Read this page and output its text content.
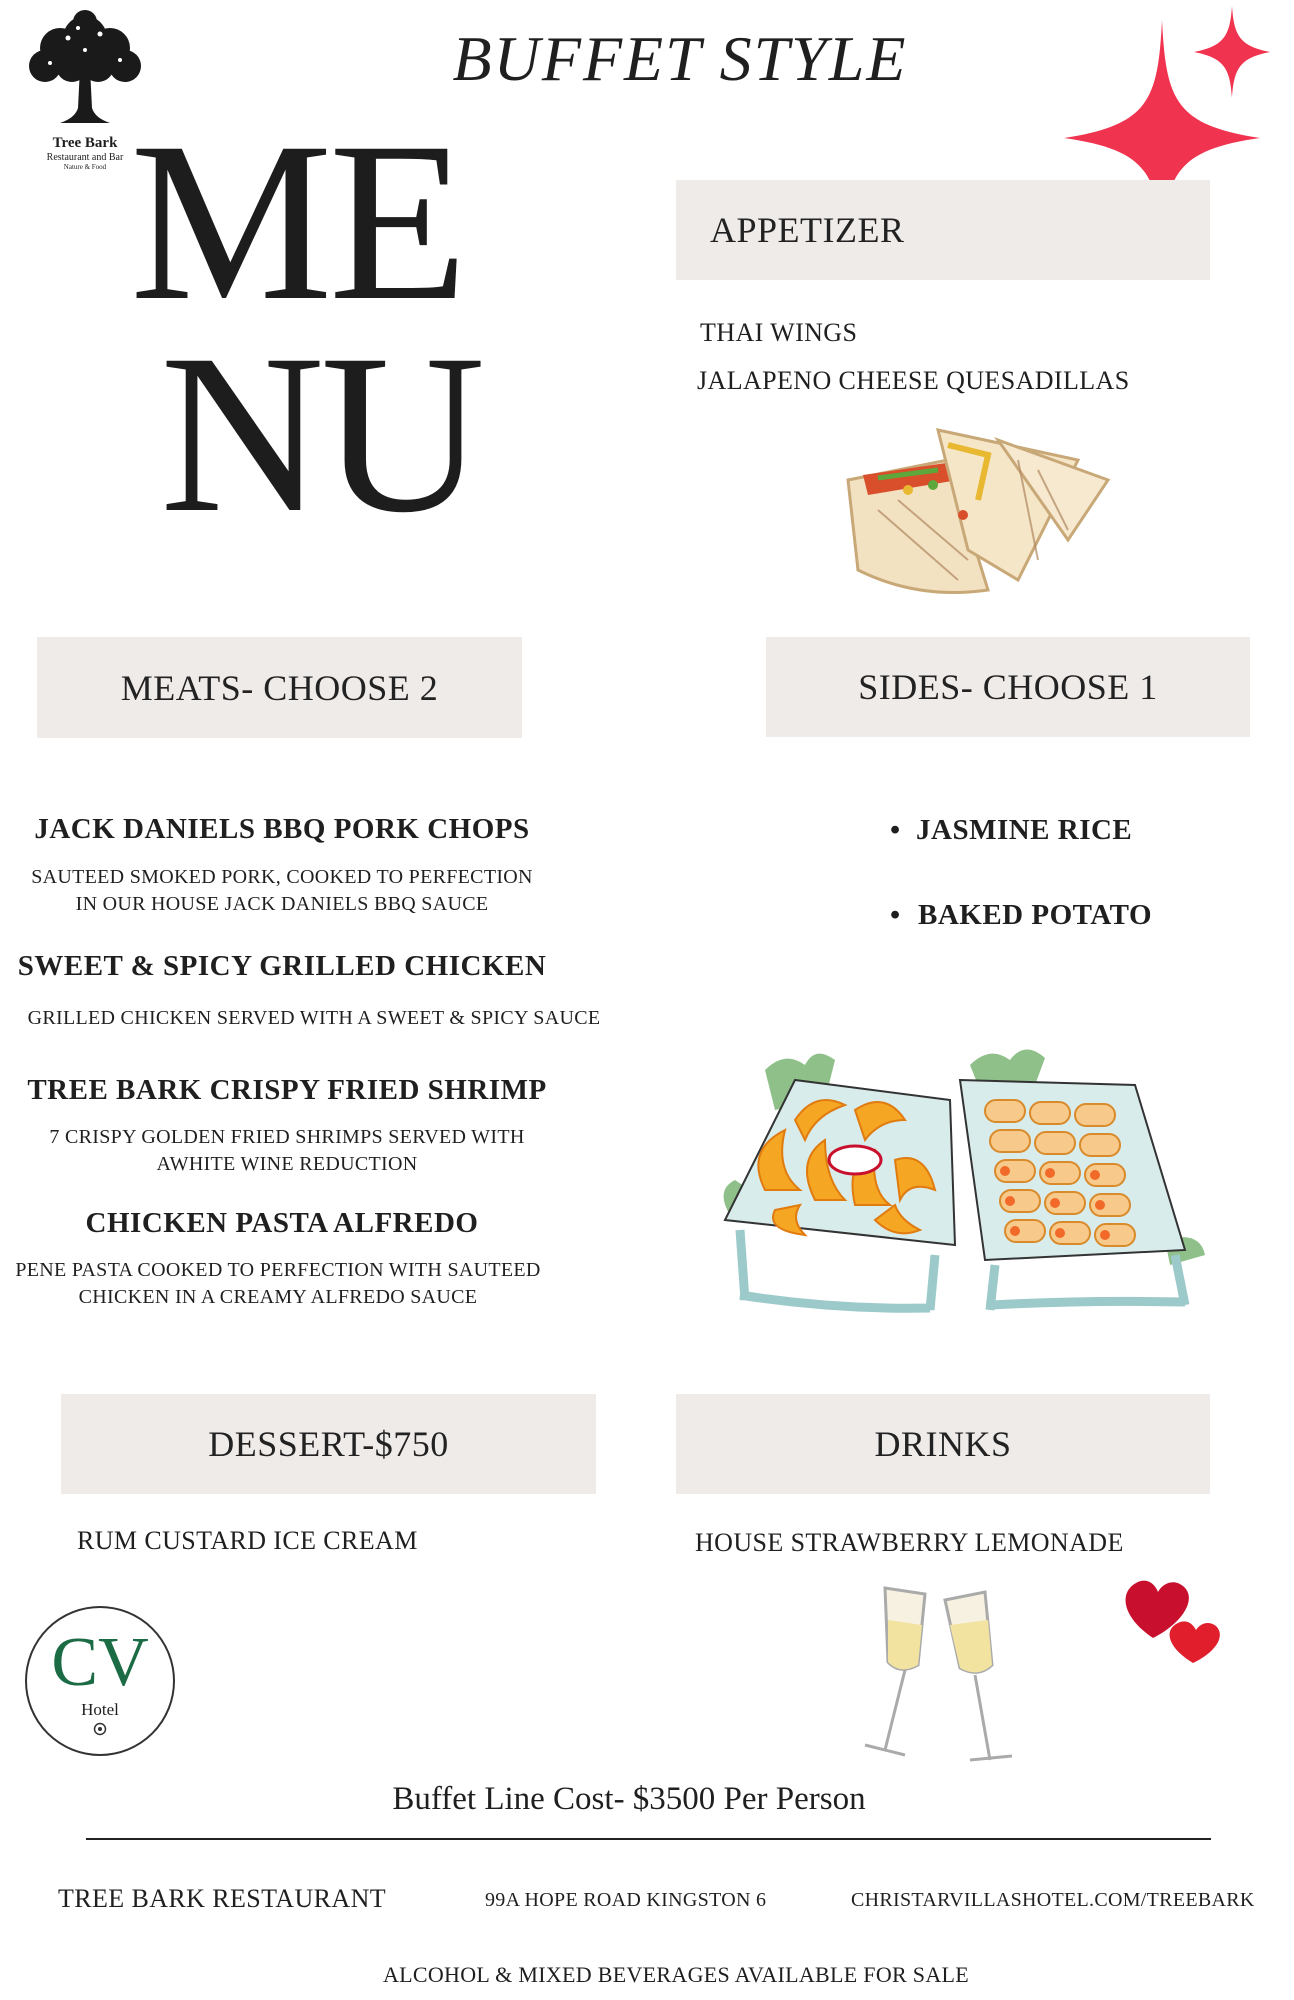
Tree Bark
Restaurant and Bar
Nature & Food
BUFFET STYLE
ME
NU
APPETIZER
THAI WINGS
JALAPENO CHEESE QUESADILLAS
MEATS- CHOOSE 2	SIDES- CHOOSE 1
JACK DANIELS BBQ PORK CHOPS
SAUTEED SMOKED PORK, COOKED TO PERFECTION
IN OUR HOUSE JACK DANIELS BBQ SAUCE
SWEET & SPICY GRILLED CHICKEN
GRILLED CHICKEN SERVED WITH A SWEET & SPICY SAUCE
TREE BARK CRISPY FRIED SHRIMP
7 CRISPY GOLDEN FRIED SHRIMPS SERVED WITH
AWHITE WINE REDUCTION
CHICKEN PASTA ALFREDO
PENE PASTA COOKED TO PERFECTION WITH SAUTEED
CHICKEN IN A CREAMY ALFREDO SAUCE
• JASMINE RICE
• BAKED POTATO
DESSERT-$750
RUM CUSTARD ICE CREAM
DRINKS
HOUSE STRAWBERRY LEMONADE
CV
Hotel
Buffet Line Cost- $3500 Per Person
TREE BARK RESTAURANT	99A HOPE ROAD KINGSTON 6	CHRISTARVILLASHOTEL.COM/TREEBARK
ALCOHOL & MIXED BEVERAGES AVAILABLE FOR SALE
